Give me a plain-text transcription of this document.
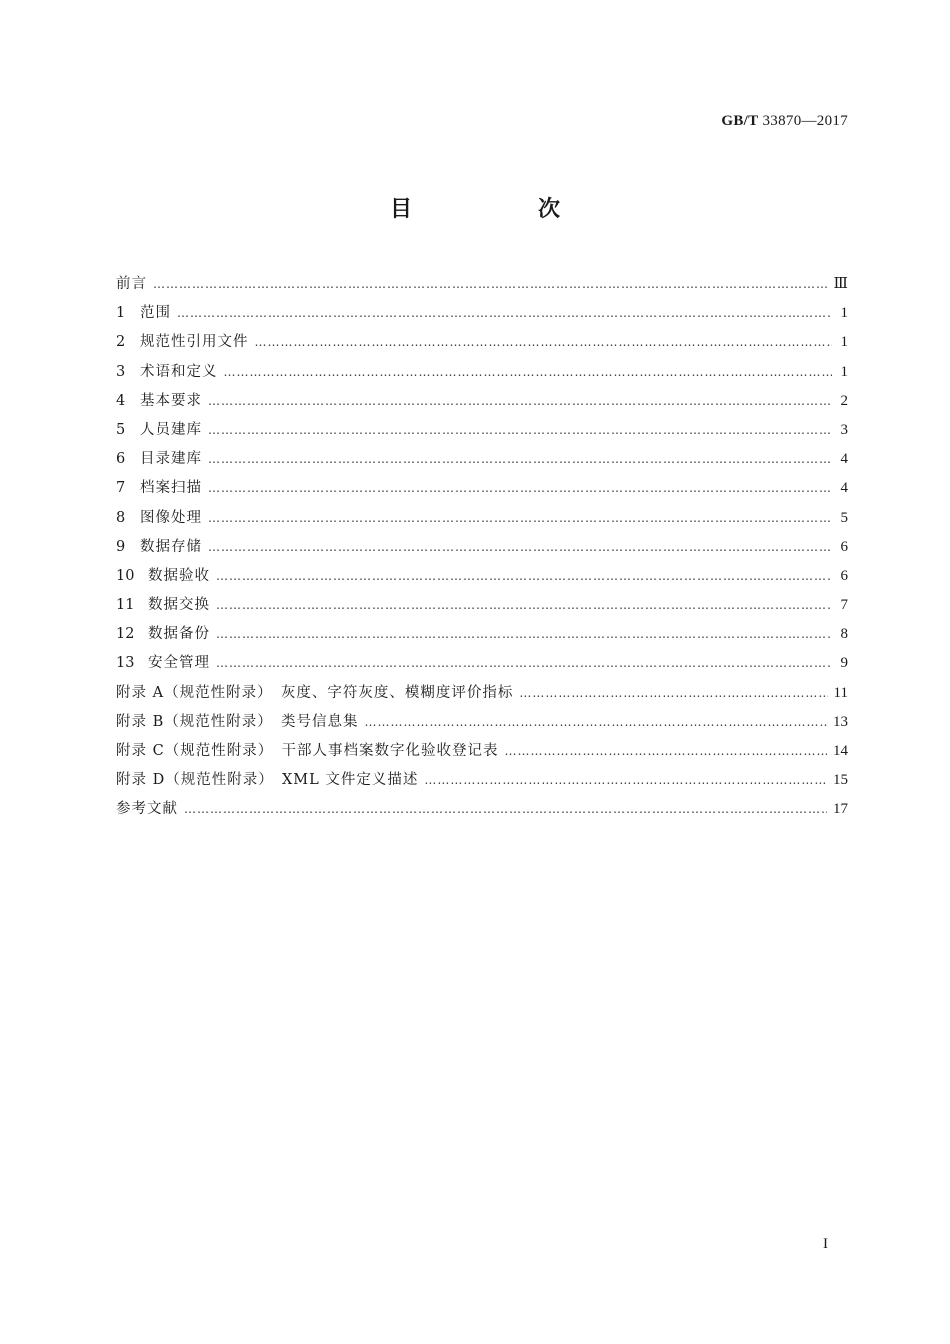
GB/T 33870—2017
目　次
前言 …………………………………………………………………………………………………………………………………………………………………………………………………………	Ⅲ
1	范围 …………………………………………………………………………………………………………………………………………………………………………………………………………	1
2	规范性引用文件 …………………………………………………………………………………………………………………………………………………………………………………………………………	1
3	术语和定义 …………………………………………………………………………………………………………………………………………………………………………………………………………	1
4	基本要求 …………………………………………………………………………………………………………………………………………………………………………………………………………	2
5	人员建库 …………………………………………………………………………………………………………………………………………………………………………………………………………	3
6	目录建库 …………………………………………………………………………………………………………………………………………………………………………………………………………	4
7	档案扫描 …………………………………………………………………………………………………………………………………………………………………………………………………………	4
8	图像处理 …………………………………………………………………………………………………………………………………………………………………………………………………………	5
9	数据存储 …………………………………………………………………………………………………………………………………………………………………………………………………………	6
10 数据验收 …………………………………………………………………………………………………………………………………………………………………………………………………………	6
11 数据交换 …………………………………………………………………………………………………………………………………………………………………………………………………………	7
12 数据备份 …………………………………………………………………………………………………………………………………………………………………………………………………………	8
13 安全管理 …………………………………………………………………………………………………………………………………………………………………………………………………………	9
附录 A（规范性附录）　灰度、字符灰度、模糊度评价指标 …………………………………………………………………………………………………………………………………………………………………………………………………………	11
附录 B（规范性附录）　类号信息集 …………………………………………………………………………………………………………………………………………………………………………………………………………	13
附录 C（规范性附录）　干部人事档案数字化验收登记表 …………………………………………………………………………………………………………………………………………………………………………………………………………	14
附录 D（规范性附录）　XML 文件定义描述 …………………………………………………………………………………………………………………………………………………………………………………………………………	15
参考文献 …………………………………………………………………………………………………………………………………………………………………………………………………………	17
I
